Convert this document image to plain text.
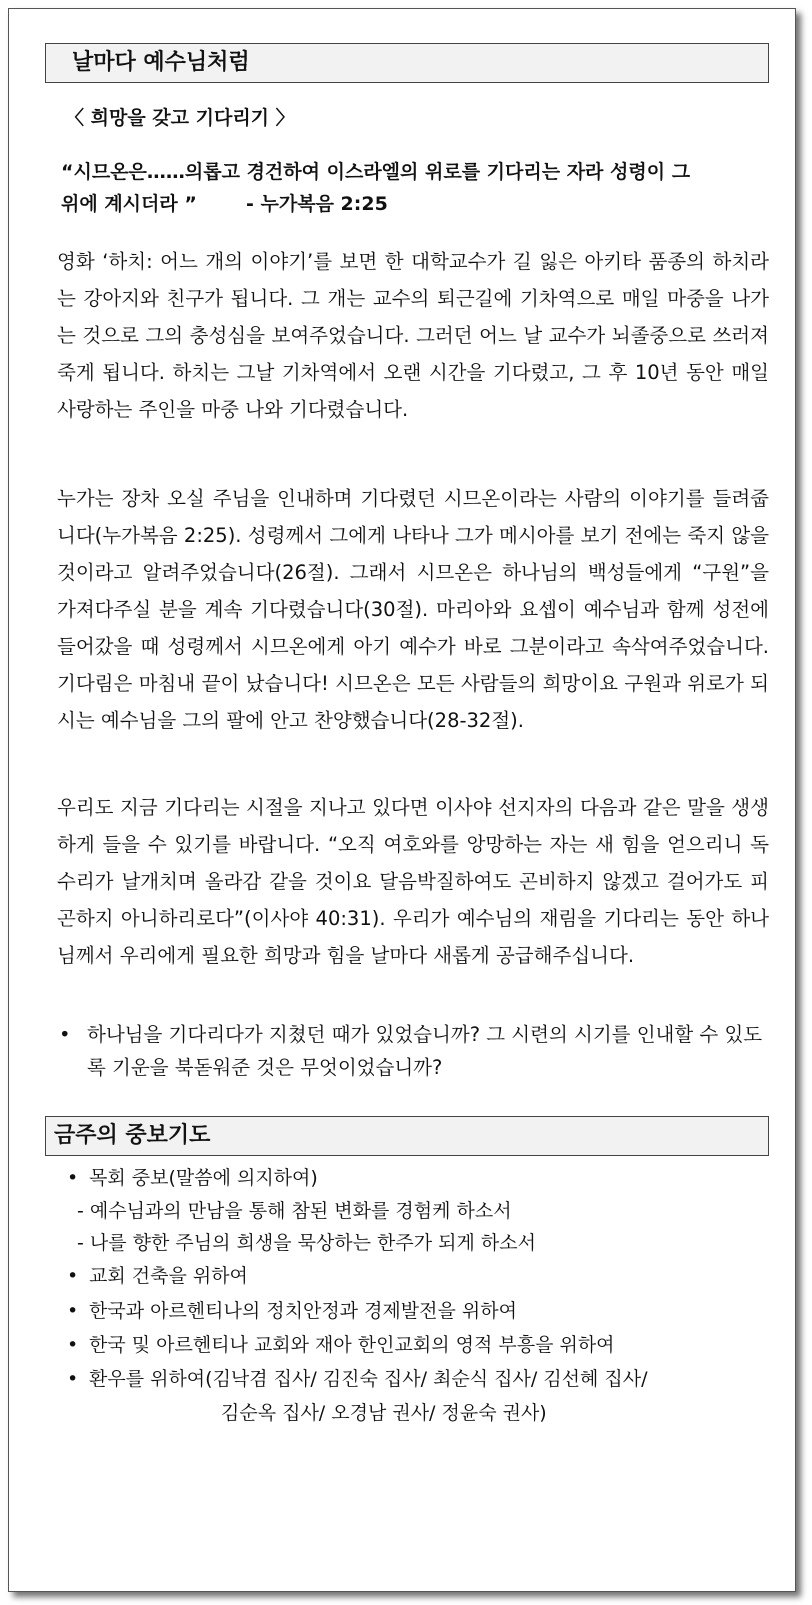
날마다 예수님처럼
〈 희망을 갖고 기다리기 〉
“시므온은……의롭고 경건하여 이스라엘의 위로를 기다리는 자라 성령이 그
위에 계시더라 ”	- 누가복음 2:25
영화 ‘하치: 어느 개의 이야기’를 보면 한 대학교수가 길 잃은 아키타 품종의 하치라는 강아지와 친구가 됩니다. 그 개는 교수의 퇴근길에 기차역으로 매일 마중을 나가는 것으로 그의 충성심을 보여주었습니다. 그러던 어느 날 교수가 뇌졸중으로 쓰러져 죽게 됩니다. 하치는 그날 기차역에서 오랜 시간을 기다렸고, 그 후 10년 동안 매일 사랑하는 주인을 마중 나와 기다렸습니다.
누가는 장차 오실 주님을 인내하며 기다렸던 시므온이라는 사람의 이야기를 들려줍니다(누가복음 2:25). 성령께서 그에게 나타나 그가 메시아를 보기 전에는 죽지 않을 것이라고 알려주었습니다(26절). 그래서 시므온은 하나님의 백성들에게 “구원”을 가져다주실 분을 계속 기다렸습니다(30절). 마리아와 요셉이 예수님과 함께 성전에 들어갔을 때 성령께서 시므온에게 아기 예수가 바로 그분이라고 속삭여주었습니다. 기다림은 마침내 끝이 났습니다! 시므온은 모든 사람들의 희망이요 구원과 위로가 되시는 예수님을 그의 팔에 안고 찬양했습니다(28-32절).
우리도 지금 기다리는 시절을 지나고 있다면 이사야 선지자의 다음과 같은 말을 생생하게 들을 수 있기를 바랍니다. “오직 여호와를 앙망하는 자는 새 힘을 얻으리니 독수리가 날개치며 올라감 같을 것이요 달음박질하여도 곤비하지 않겠고 걸어가도 피곤하지 아니하리로다”(이사야 40:31). 우리가 예수님의 재림을 기다리는 동안 하나님께서 우리에게 필요한 희망과 힘을 날마다 새롭게 공급해주십니다.
• 하나님을 기다리다가 지쳤던 때가 있었습니까? 그 시련의 시기를 인내할 수 있도록 기운을 북돋워준 것은 무엇이었습니까?
금주의 중보기도
• 목회 중보(말씀에 의지하여)
- 예수님과의 만남을 통해 참된 변화를 경험케 하소서
- 나를 향한 주님의 희생을 묵상하는 한주가 되게 하소서
• 교회 건축을 위하여
• 한국과 아르헨티나의 정치안정과 경제발전을 위하여
• 한국 및 아르헨티나 교회와 재아 한인교회의 영적 부흥을 위하여
• 환우를 위하여(김낙겸 집사/ 김진숙 집사/ 최순식 집사/ 김선혜 집사/
김순옥 집사/ 오경남 권사/ 정윤숙 권사)
